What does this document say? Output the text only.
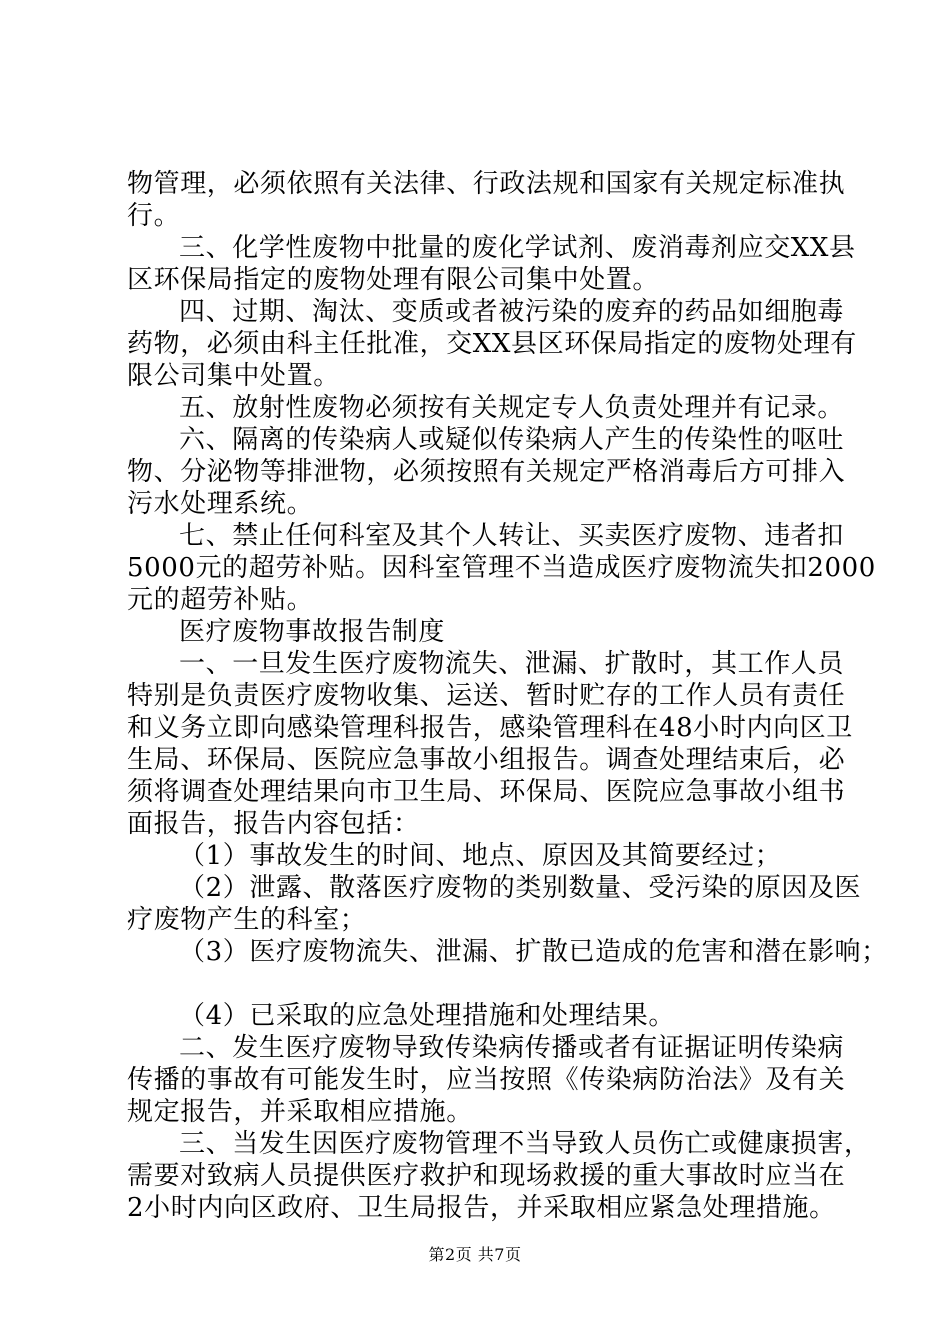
物管理，必须依照有关法律、行政法规和国家有关规定标准执
行。
三、化学性废物中批量的废化学试剂、废消毒剂应交XX县
区环保局指定的废物处理有限公司集中处置。
四、过期、淘汰、变质或者被污染的废弃的药品如细胞毒
药物，必须由科主任批准，交XX县区环保局指定的废物处理有
限公司集中处置。
五、放射性废物必须按有关规定专人负责处理并有记录。
六、隔离的传染病人或疑似传染病人产生的传染性的呕吐
物、分泌物等排泄物，必须按照有关规定严格消毒后方可排入
污水处理系统。
七、禁止任何科室及其个人转让、买卖医疗废物、违者扣
5000元的超劳补贴。因科室管理不当造成医疗废物流失扣2000
元的超劳补贴。
医疗废物事故报告制度
一、一旦发生医疗废物流失、泄漏、扩散时，其工作人员
特别是负责医疗废物收集、运送、暂时贮存的工作人员有责任
和义务立即向感染管理科报告，感染管理科在48小时内向区卫
生局、环保局、医院应急事故小组报告。调查处理结束后，必
须将调查处理结果向市卫生局、环保局、医院应急事故小组书
面报告，报告内容包括：
（1）事故发生的时间、地点、原因及其简要经过；
（2）泄露、散落医疗废物的类别数量、受污染的原因及医
疗废物产生的科室；
（3）医疗废物流失、泄漏、扩散已造成的危害和潜在影响；
（4）已采取的应急处理措施和处理结果。
二、发生医疗废物导致传染病传播或者有证据证明传染病
传播的事故有可能发生时，应当按照《传染病防治法》及有关
规定报告，并采取相应措施。
三、当发生因医疗废物管理不当导致人员伤亡或健康损害，
需要对致病人员提供医疗救护和现场救援的重大事故时应当在
2小时内向区政府、卫生局报告，并采取相应紧急处理措施。
第2页 共7页
